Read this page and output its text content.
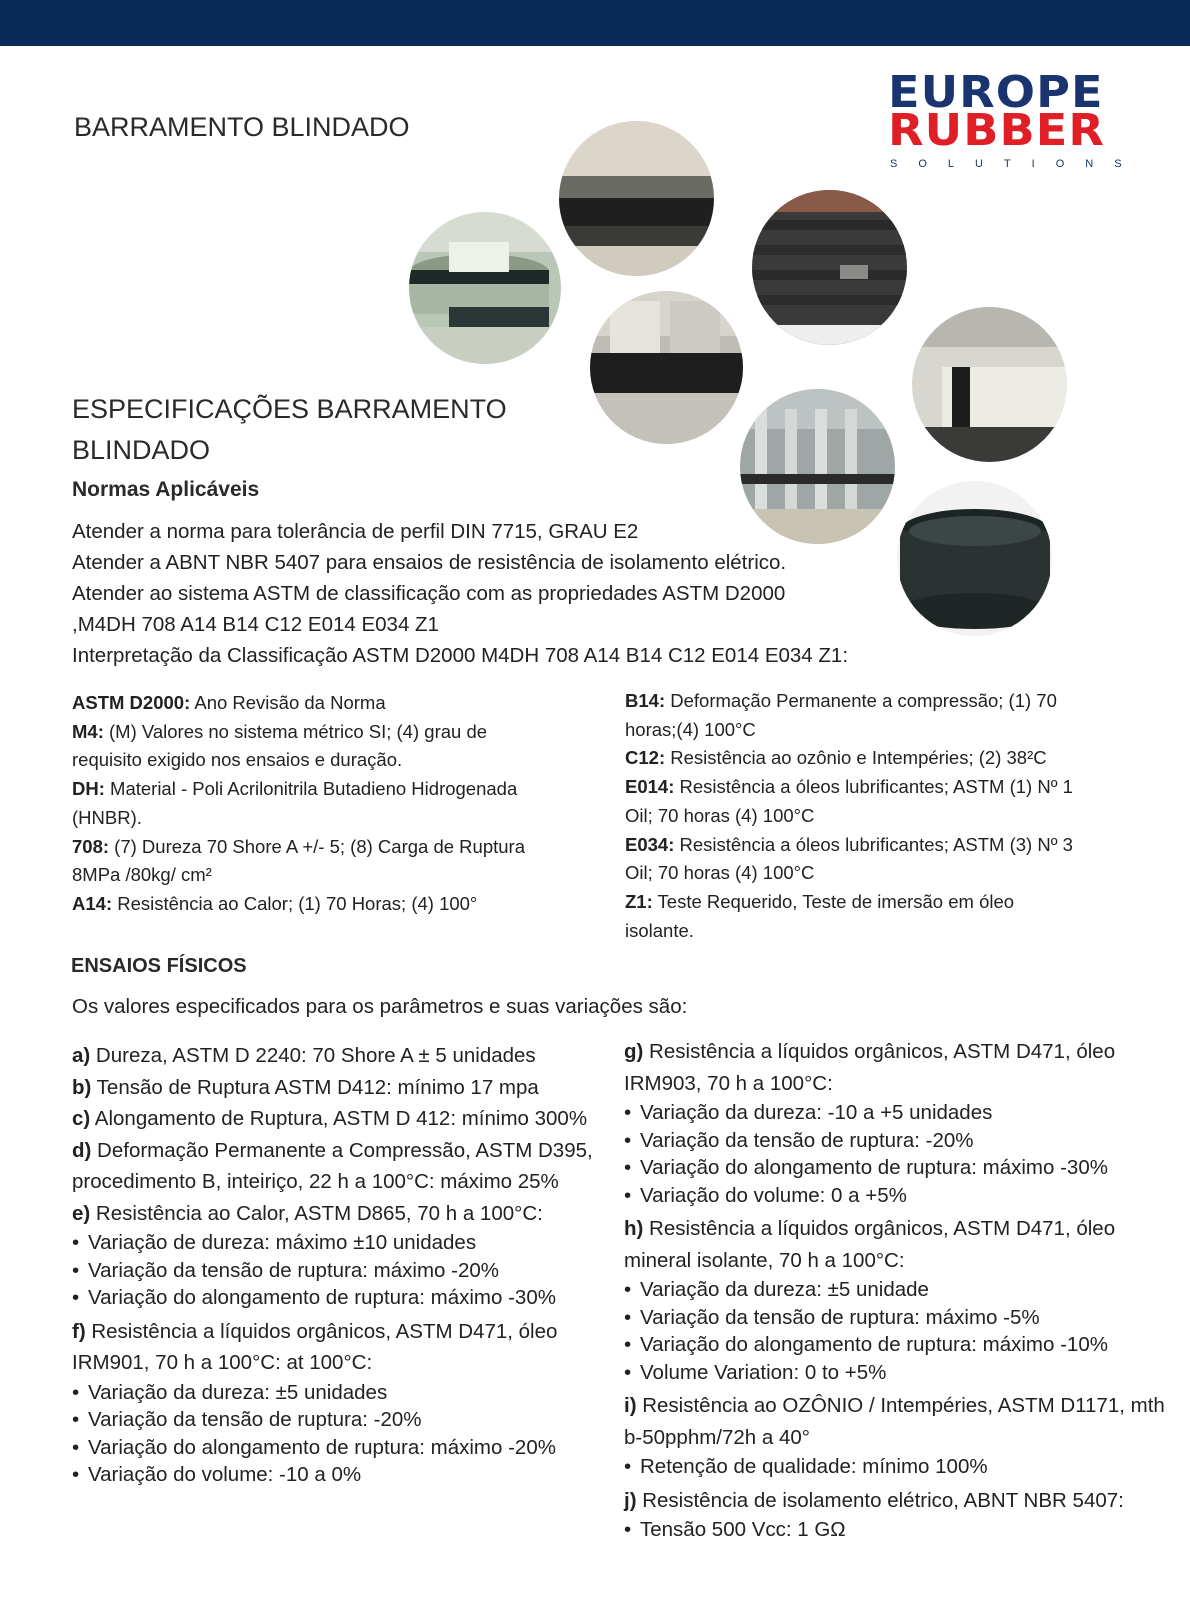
EUROPE
RUBBER
SOLUTIONS
BARRAMENTO BLINDADO
ESPECIFICAÇÕES BARRAMENTO BLINDADO
Normas Aplicáveis
Atender a norma para tolerância de perfil DIN 7715, GRAU E2
Atender a ABNT NBR 5407 para ensaios de resistência de isolamento elétrico.
Atender ao sistema ASTM de classificação com as propriedades ASTM D2000
,M4DH 708 A14 B14 C12 E014 E034 Z1
Interpretação da Classificação ASTM D2000 M4DH 708 A14 B14 C12 E014 E034 Z1:
ASTM D2000: Ano Revisão da Norma
M4: (M) Valores no sistema métrico SI; (4) grau de requisito exigido nos ensaios e duração.
DH: Material - Poli Acrilonitrila Butadieno Hidrogenada (HNBR).
708: (7) Dureza 70 Shore A +/- 5; (8) Carga de Ruptura 8MPa /80kg/ cm²
A14: Resistência ao Calor; (1) 70 Horas; (4) 100°
B14: Deformação Permanente a compressão; (1) 70 horas;(4) 100°C
C12: Resistência ao ozônio e Intempéries; (2) 38²C
E014: Resistência a óleos lubrificantes; ASTM (1) Nº 1 Oil; 70 horas (4) 100°C
E034: Resistência a óleos lubrificantes; ASTM (3) Nº 3 Oil; 70 horas (4) 100°C
Z1: Teste Requerido, Teste de imersão em óleo isolante.
ENSAIOS FÍSICOS
Os valores especificados para os parâmetros e suas variações são:

a) Dureza, ASTM D 2240: 70 Shore A ± 5 unidades

b) Tensão de Ruptura ASTM D412: mínimo 17 mpa

c) Alongamento de Ruptura, ASTM D 412: mínimo 300%

d) Deformação Permanente a Compressão, ASTM D395, procedimento B, inteiriço, 22 h a 100°C: máximo 25%

e) Resistência ao Calor, ASTM D865, 70 h a 100°C:

• Variação de dureza: máximo ±10 unidades
• Variação da tensão de ruptura: máximo -20%
• Variação do alongamento de ruptura: máximo -30%

f) Resistência a líquidos orgânicos, ASTM D471, óleo IRM901, 70 h a 100°C: at 100°C:

• Variação da dureza: ±5 unidades
• Variação da tensão de ruptura: -20%
• Variação do alongamento de ruptura: máximo -20%
• Variação do volume: -10 a 0%

g) Resistência a líquidos orgânicos, ASTM D471, óleo IRM903, 70 h a 100°C:

• Variação da dureza: -10 a +5 unidades
• Variação da tensão de ruptura: -20%
• Variação do alongamento de ruptura: máximo -30%
• Variação do volume: 0 a +5%

h) Resistência a líquidos orgânicos, ASTM D471, óleo mineral isolante, 70 h a 100°C:

• Variação da dureza: ±5 unidade
• Variação da tensão de ruptura: máximo -5%
• Variação do alongamento de ruptura: máximo -10%
• Volume Variation: 0 to +5%

i) Resistência ao OZÔNIO / Intempéries, ASTM D1171, mth b-50pphm/72h a 40°

• Retenção de qualidade: mínimo 100%

j) Resistência de isolamento elétrico, ABNT NBR 5407:

• Tensão 500 Vcc: 1 GΩ
